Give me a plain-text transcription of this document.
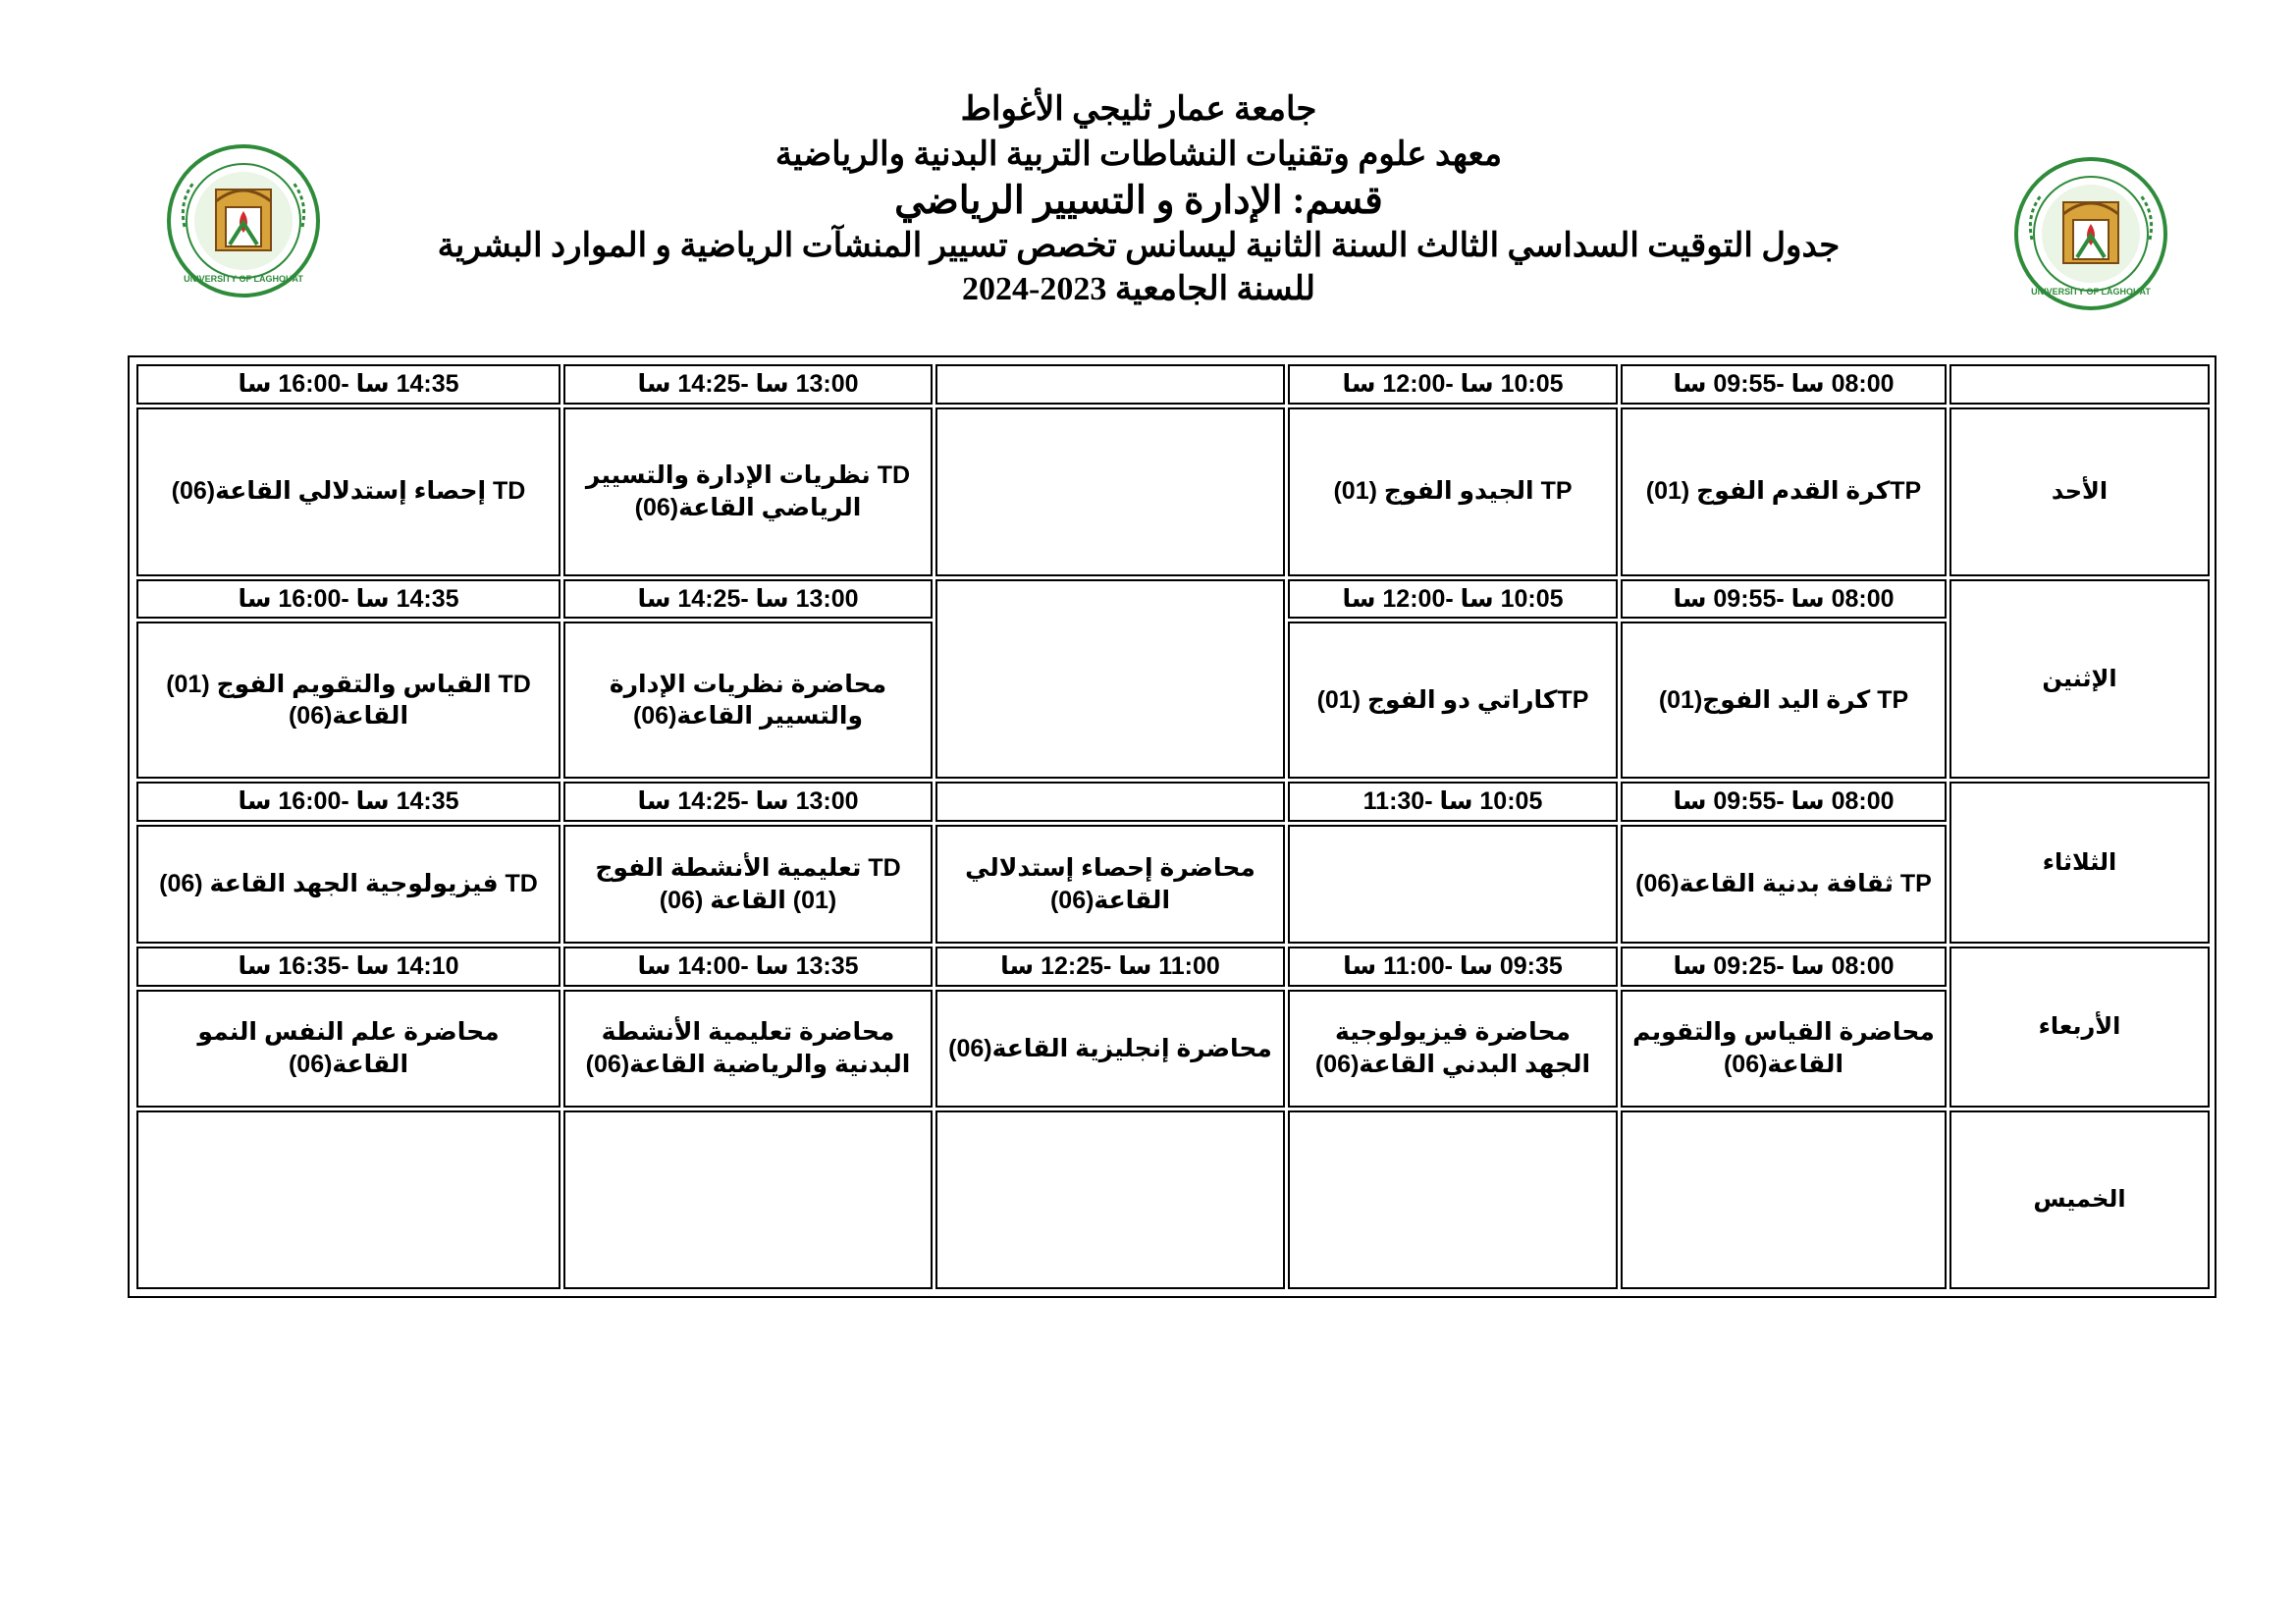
UNIVERSITY OF LAGHOUAT
UNIVERSITY OF LAGHOUAT
جامعة عمار ثليجي الأغواط
معهد علوم وتقنيات النشاطات التربية البدنية والرياضية
قسم: الإدارة و التسيير الرياضي
جدول التوقيت السداسي الثالث السنة الثانية ليسانس تخصص تسيير المنشآت الرياضية و الموارد البشرية
للسنة الجامعية 2023-2024
	08:00 سا -09:55 سا	10:05 سا -12:00 سا		13:00 سا -14:25 سا	14:35 سا -16:00 سا
الأحد	TPكرة القدم الفوج (01)	TP الجيدو الفوج (01)		TD نظريات الإدارة والتسيير الرياضي القاعة(06)	TD إحصاء إستدلالي القاعة(06)
الإثنين	08:00 سا -09:55 سا	10:05 سا -12:00 سا		13:00 سا -14:25 سا	14:35 سا -16:00 سا
	TP كرة اليد الفوج(01)	TPكاراتي دو الفوج (01)		محاضرة نظريات الإدارة والتسيير القاعة(06)	TD القياس والتقويم الفوج (01) القاعة(06)
الثلاثاء	08:00 سا -09:55 سا	10:05 سا -11:30		13:00 سا -14:25 سا	14:35 سا -16:00 سا
	TP ثقافة بدنية القاعة(06)		محاضرة إحصاء إستدلالي القاعة(06)	TD تعليمية الأنشطة الفوج (01) القاعة (06)	TD فيزيولوجية الجهد القاعة (06)
الأربعاء	08:00 سا -09:25 سا	09:35 سا -11:00 سا	11:00 سا -12:25 سا	13:35 سا -14:00 سا	14:10 سا -16:35 سا
	محاضرة القياس والتقويم القاعة(06)	محاضرة فيزيولوجية الجهد البدني القاعة(06)	محاضرة إنجليزية القاعة(06)	محاضرة تعليمية الأنشطة البدنية والرياضية القاعة(06)	محاضرة علم النفس النمو القاعة(06)
الخميس					
